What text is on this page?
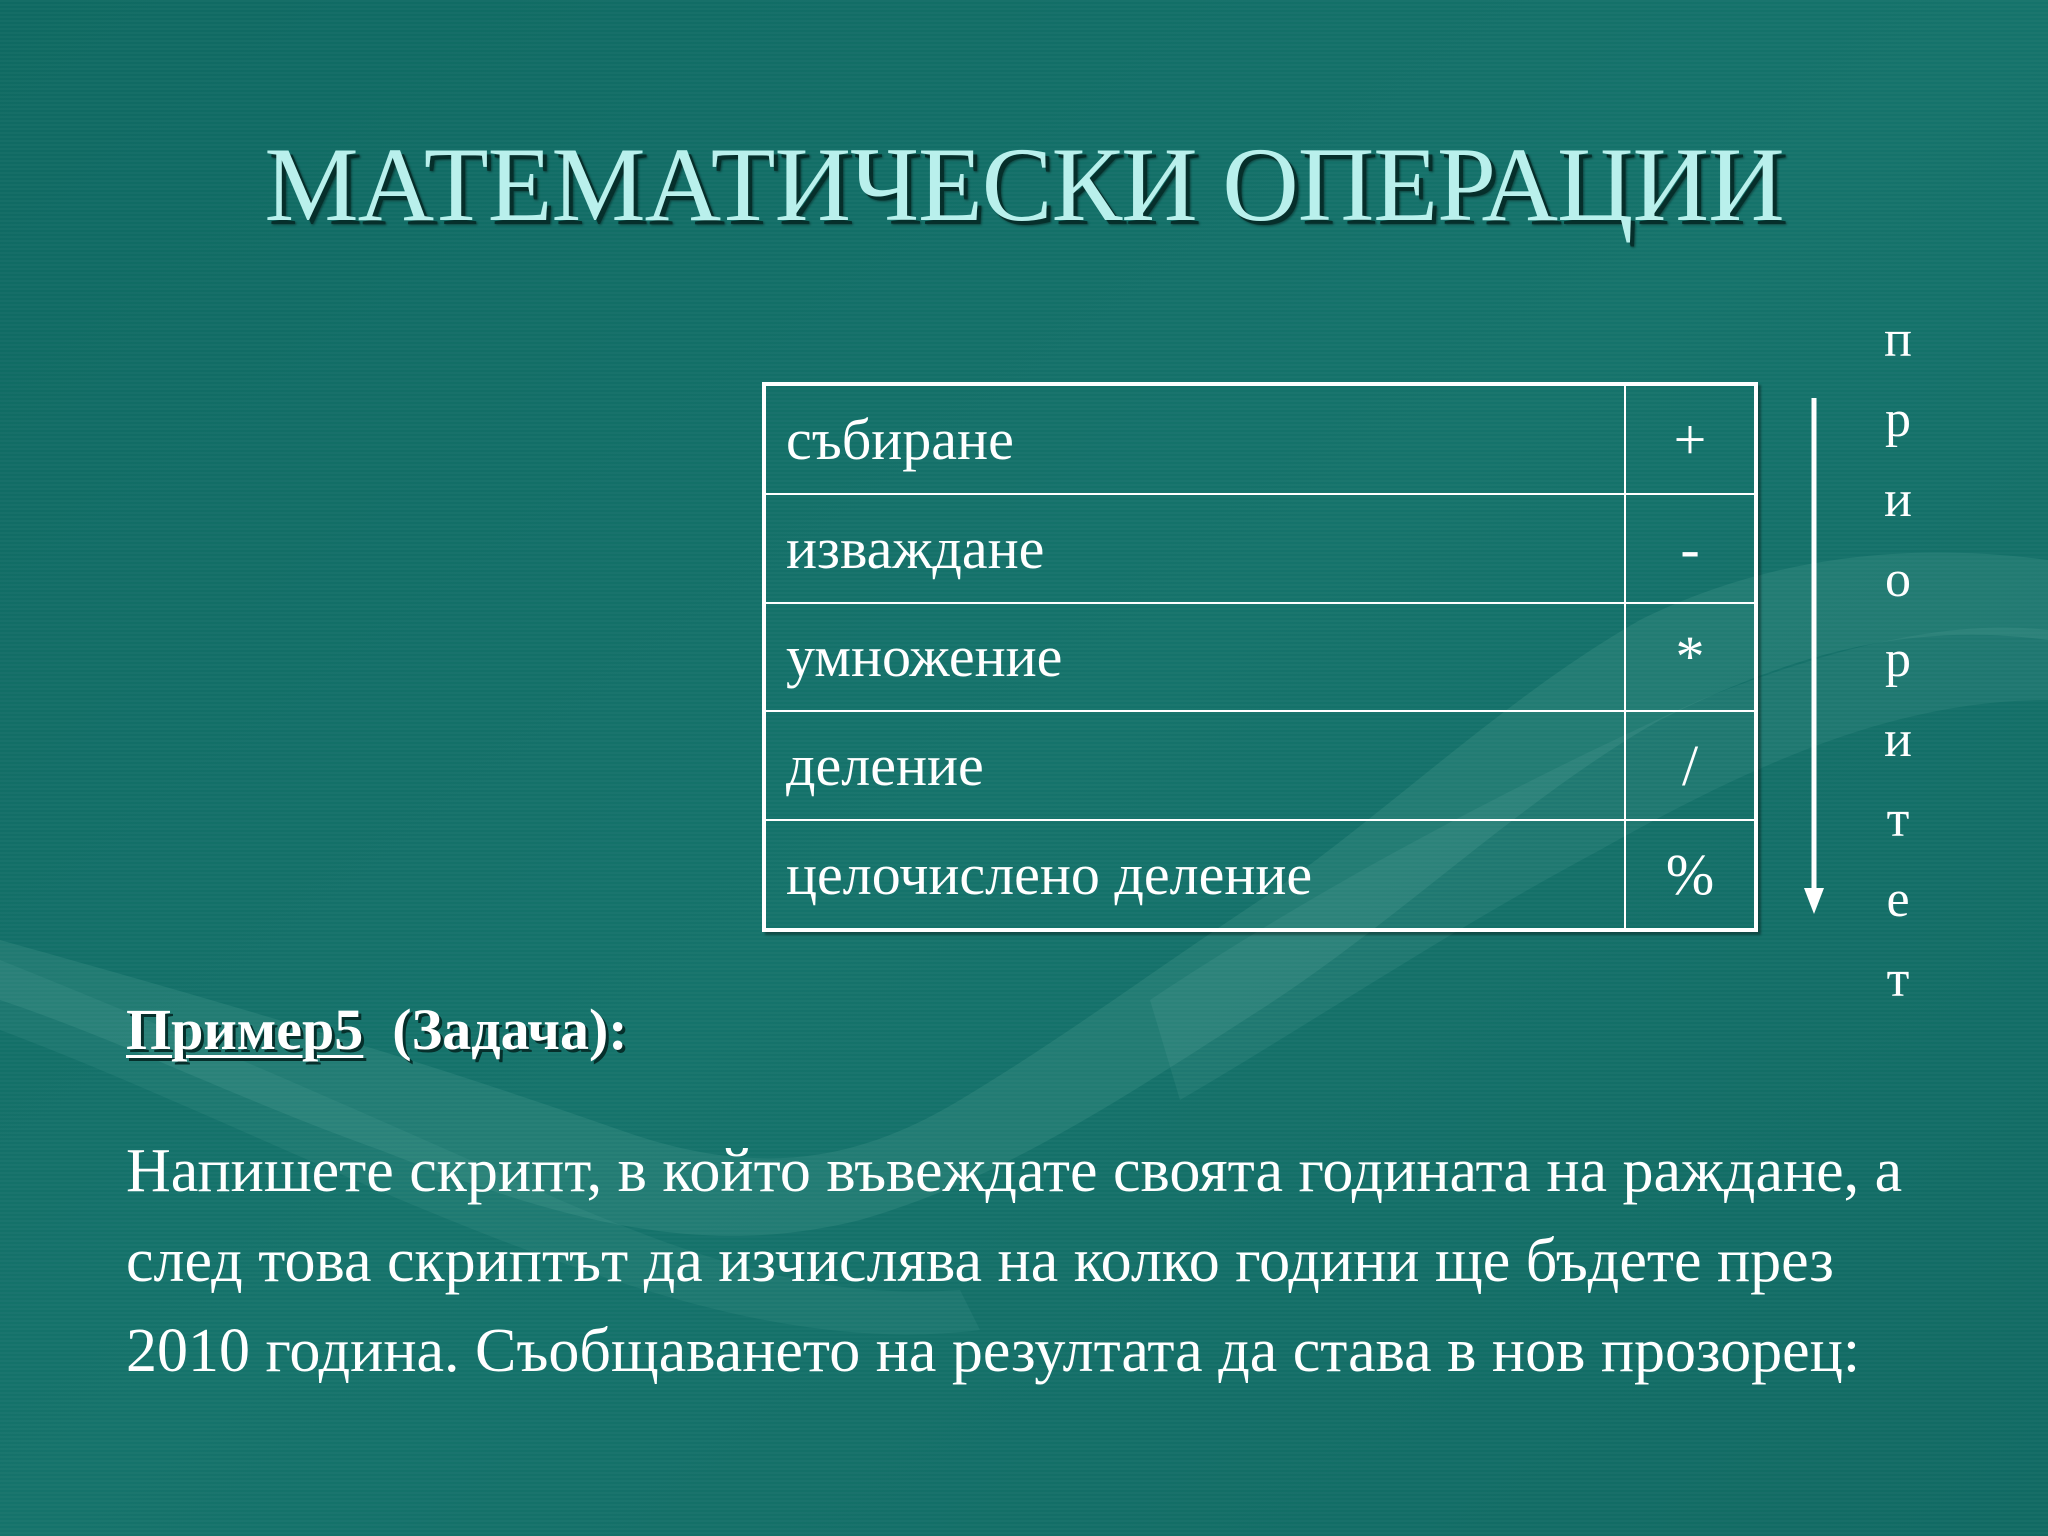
МАТЕМАТИЧЕСКИ ОПЕРАЦИИ
събиране	+
изваждане	-
умножение	*
деление	/
целочислено деление	%
п
р
и
о
р
и
т
е
т
Пример5 (Задача):

Напишете скрипт, в който въвеждате своята годината на раждане, а след това скриптът да изчислява на колко години ще бъдете през 2010 година. Съобщаването на резултата да става в нов прозорец:
